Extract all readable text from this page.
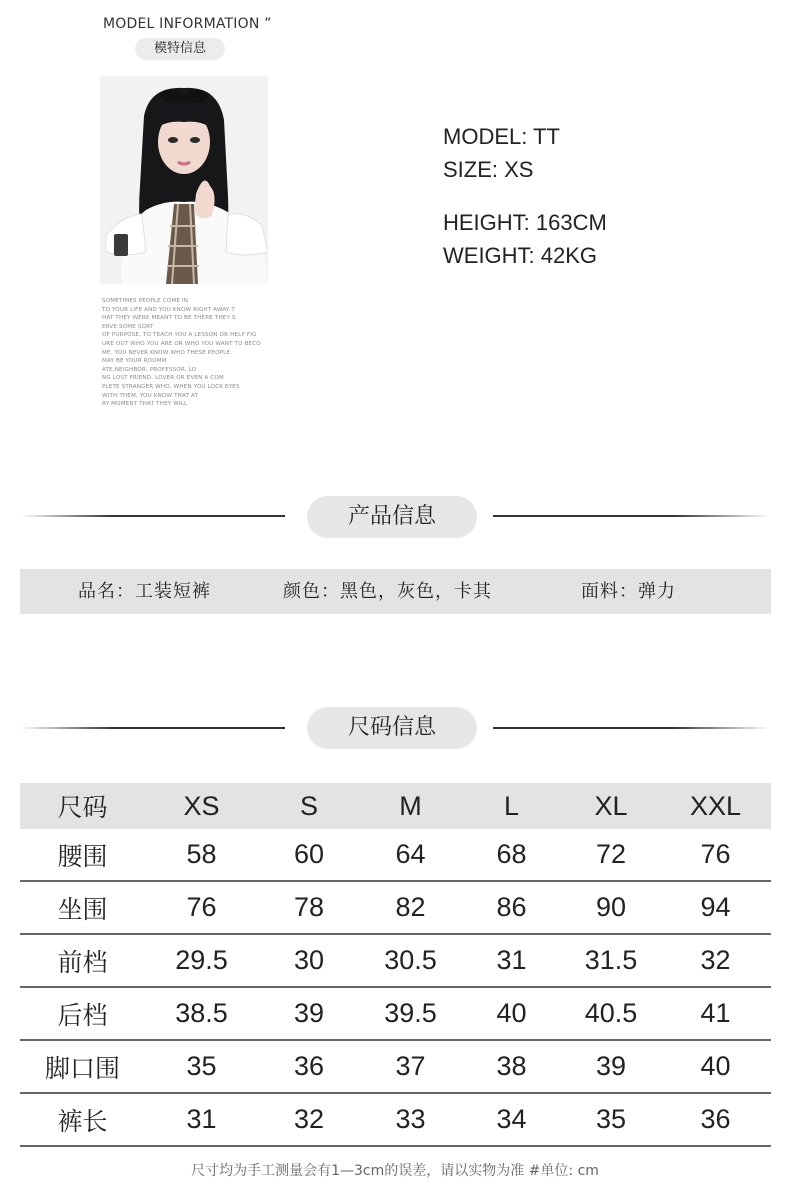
MODEL INFORMATION ”
模特信息
SOMETIMES PEOPLE COME IN
TO YOUR LIFE AND YOU KNOW RIGHT AWAY T
HAT THEY WERE MEANT TO BE THERE THEY S
ERVE SOME SORT
OF PURPOSE, TO TEACH YOU A LESSON OR HELP FIG
URE OUT WHO YOU ARE OR WHO YOU WANT TO BECO
ME. YOU NEVER KNOW WHO THESE PEOPLE
MAY BE YOUR ROOMM
ATE,NEIGHBOR, PROFESSOR, LO
NG LOST FRIEND, LOVER OR EVEN A COM
PLETE STRANGER WHO, WHEN YOU LOCK EYES
WITH THEM, YOU KNOW THAT AT
RY MOMENT THAT THEY WILL
MODEL: TT
SIZE: XS
HEIGHT: 163CM
WEIGHT: 42KG
产品信息
品名：工装短裤	颜色：黑色，灰色，卡其	面料：弹力
尺码信息
尺码	XS	S	M	L	XL	XXL
腰围	58	60	64	68	72	76
坐围	76	78	82	86	90	94
前档	29.5	30	30.5	31	31.5	32
后档	38.5	39	39.5	40	40.5	41
脚口围	35	36	37	38	39	40
裤长	31	32	33	34	35	36
尺寸均为手工测量会有1—3cm的误差，请以实物为准 #单位: cm
